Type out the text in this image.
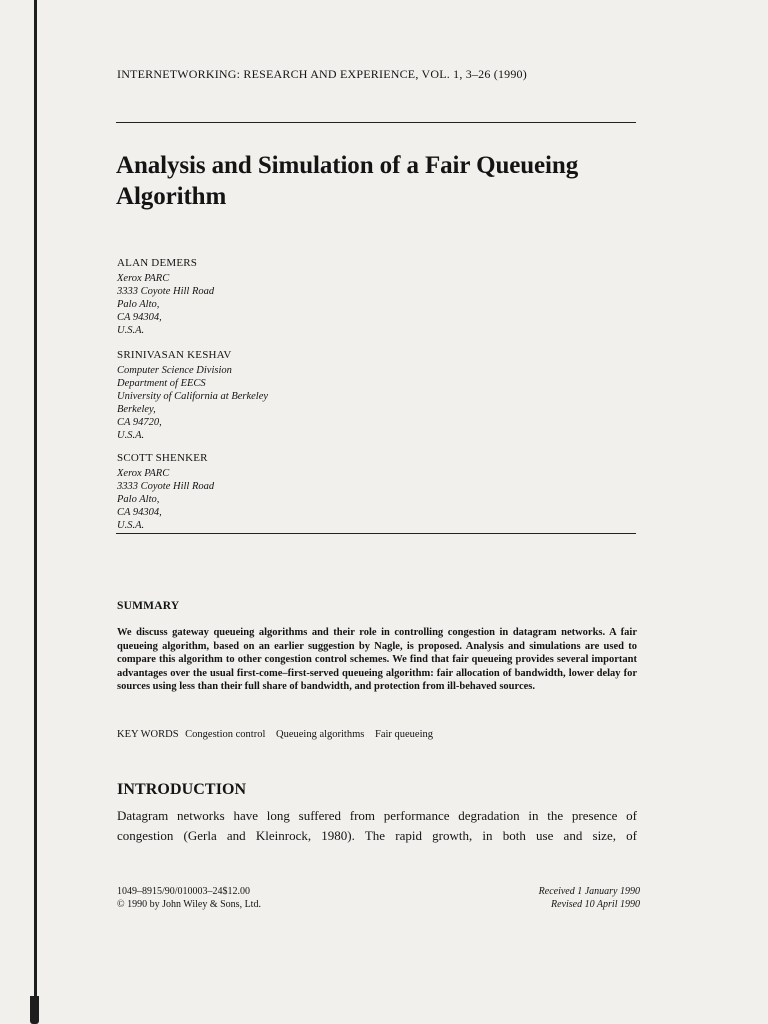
INTERNETWORKING: RESEARCH AND EXPERIENCE, VOL. 1, 3–26 (1990)
Analysis and Simulation of a Fair Queueing Algorithm
ALAN DEMERS
Xerox PARC
3333 Coyote Hill Road
Palo Alto,
CA 94304,
U.S.A.
SRINIVASAN KESHAV
Computer Science Division
Department of EECS
University of California at Berkeley
Berkeley,
CA 94720,
U.S.A.
SCOTT SHENKER
Xerox PARC
3333 Coyote Hill Road
Palo Alto,
CA 94304,
U.S.A.
SUMMARY
We discuss gateway queueing algorithms and their role in controlling congestion in datagram networks. A fair queueing algorithm, based on an earlier suggestion by Nagle, is proposed. Analysis and simulations are used to compare this algorithm to other congestion control schemes. We find that fair queueing provides several important advantages over the usual first-come–first-served queueing algorithm: fair allocation of bandwidth, lower delay for sources using less than their full share of bandwidth, and protection from ill-behaved sources.
KEY WORDS Congestion control Queueing algorithms Fair queueing
INTRODUCTION
Datagram networks have long suffered from performance degradation in the presence of
congestion (Gerla and Kleinrock, 1980). The rapid growth, in both use and size, of
1049–8915/90/010003–24$12.00
© 1990 by John Wiley & Sons, Ltd.
Received 1 January 1990
Revised 10 April 1990
